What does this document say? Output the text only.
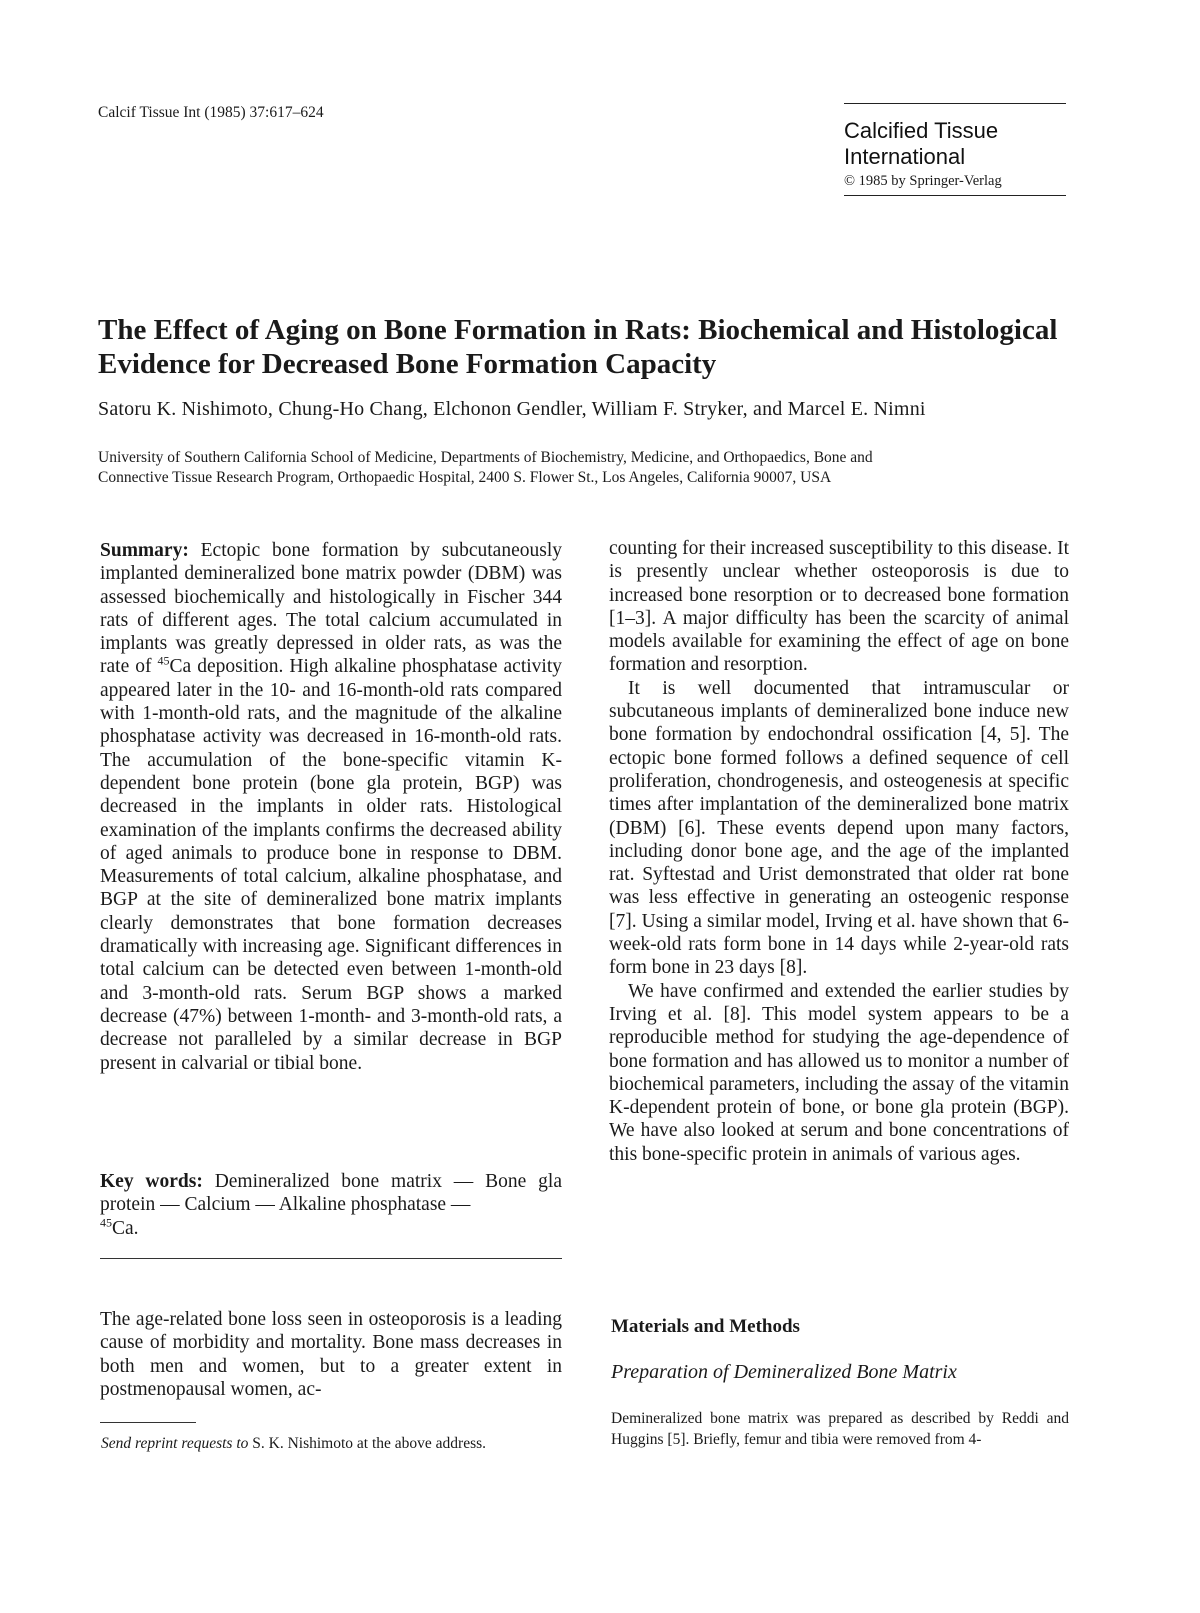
Calcif Tissue Int (1985) 37:617–624
Calcified Tissue
International
© 1985 by Springer-Verlag
The Effect of Aging on Bone Formation in Rats: Biochemical and Histological
Evidence for Decreased Bone Formation Capacity
Satoru K. Nishimoto, Chung-Ho Chang, Elchonon Gendler, William F. Stryker, and Marcel E. Nimni
University of Southern California School of Medicine, Departments of Biochemistry, Medicine, and Orthopaedics, Bone and
Connective Tissue Research Program, Orthopaedic Hospital, 2400 S. Flower St., Los Angeles, California 90007, USA

Summary: Ectopic bone formation by subcutaneously implanted demineralized bone matrix powder (DBM) was assessed biochemically and histologically in Fischer 344 rats of different ages. The total calcium accumulated in implants was greatly depressed in older rats, as was the rate of $^{45}$Ca deposition. High alkaline phosphatase activity appeared later in the 10- and 16-month-old rats compared with 1-month-old rats, and the magnitude of the alkaline phosphatase activity was decreased in 16-month-old rats. The accumulation of the bone-specific vitamin K-dependent bone protein (bone gla protein, BGP) was decreased in the implants in older rats. Histological examination of the implants confirms the decreased ability of aged animals to produce bone in response to DBM. Measurements of total calcium, alkaline phosphatase, and BGP at the site of demineralized bone matrix implants clearly demonstrates that bone formation decreases dramatically with increasing age. Significant differences in total calcium can be detected even between 1-month-old and 3-month-old rats. Serum BGP shows a marked decrease (47%) between 1-month- and 3-month-old rats, a decrease not paralleled by a similar decrease in BGP present in calvarial or tibial bone.

Key words: Demineralized bone matrix — Bone gla protein — Calcium — Alkaline phosphatase —
$^{45}$Ca.

The age-related bone loss seen in osteoporosis is a leading cause of morbidity and mortality. Bone mass decreases in both men and women, but to a greater extent in postmenopausal women, ac-

Send reprint requests to S. K. Nishimoto at the above address.

counting for their increased susceptibility to this disease. It is presently unclear whether osteoporosis is due to increased bone resorption or to decreased bone formation [1–3]. A major difficulty has been the scarcity of animal models available for examining the effect of age on bone formation and resorption.

It is well documented that intramuscular or subcutaneous implants of demineralized bone induce new bone formation by endochondral ossification [4, 5]. The ectopic bone formed follows a defined sequence of cell proliferation, chondrogenesis, and osteogenesis at specific times after implantation of the demineralized bone matrix (DBM) [6]. These events depend upon many factors, including donor bone age, and the age of the implanted rat. Syftestad and Urist demonstrated that older rat bone was less effective in generating an osteogenic response [7]. Using a similar model, Irving et al. have shown that 6-week-old rats form bone in 14 days while 2-year-old rats form bone in 23 days [8].

We have confirmed and extended the earlier studies by Irving et al. [8]. This model system appears to be a reproducible method for studying the age-dependence of bone formation and has allowed us to monitor a number of biochemical parameters, including the assay of the vitamin K-dependent protein of bone, or bone gla protein (BGP). We have also looked at serum and bone concentrations of this bone-specific protein in animals of various ages.

Materials and Methods
Preparation of Demineralized Bone Matrix
Demineralized bone matrix was prepared as described by Reddi and Huggins [5]. Briefly, femur and tibia were removed from 4-
